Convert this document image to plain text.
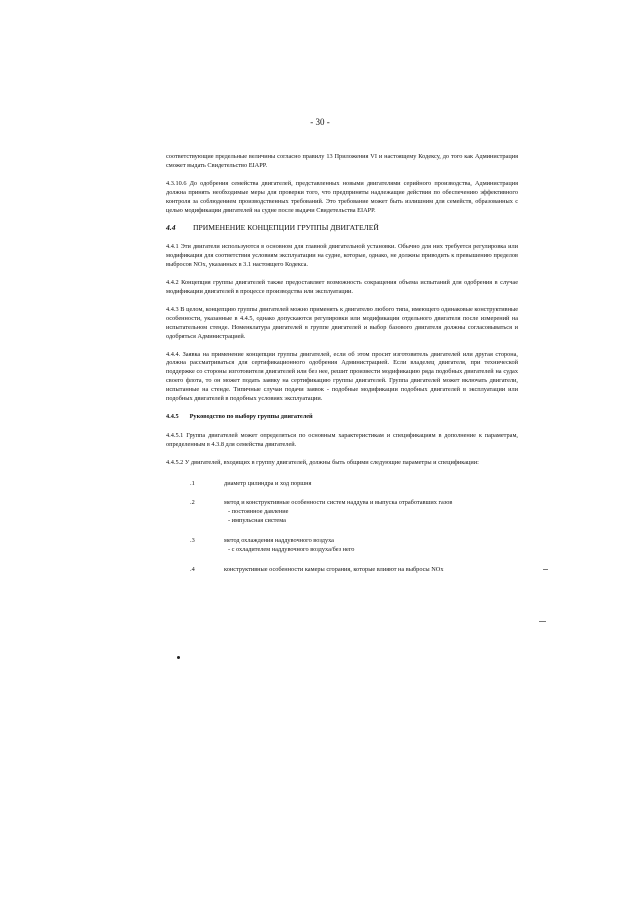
- 30 -

соответствующие предельные величины согласно правилу 13 Приложения VI и настоящему Кодексу, до того как Администрация сможет выдать Свидетельство EIAPP.

4.3.10.6 До одобрения семейства двигателей, представленных новыми двигателями серийного производства, Администрация должна принять необходимые меры для проверки того, что предприняты надлежащие действия по обеспечению эффективного контроля за соблюдением производственных требований. Это требование может быть излишним для семейств, образованных с целью модификации двигателей на судне после выдачи Свидетельства EIAPP.

4.4	ПРИМЕНЕНИЕ КОНЦЕПЦИИ ГРУППЫ ДВИГАТЕЛЕЙ

4.4.1 Эти двигатели используются в основном для главной двигательной установки. Обычно для них требуется регулировка или модификация для соответствия условиям эксплуатации на судне, которые, однако, не должны приводить к превышению пределов выбросов NOx, указанных в 3.1 настоящего Кодекса.

4.4.2 Концепция группы двигателей также предоставляет возможность сокращения объема испытаний для одобрения в случае модификации двигателей в процессе производства или эксплуатации.

4.4.3 В целом, концепцию группы двигателей можно применять к двигателю любого типа, имеющего одинаковые конструктивные особенности, указанные в 4.4.5, однако допускаются регулировки или модификации отдельного двигателя после измерений на испытательном стенде. Номенклатура двигателей в группе двигателей и выбор базового двигателя должны согласовываться и одобряться Администрацией.

4.4.4. Заявка на применение концепции группы двигателей, если об этом просит изготовитель двигателей или другая сторона, должна рассматриваться для сертификационного одобрения Администрацией. Если владелец двигателя, при технической поддержке со стороны изготовителя двигателей или без нее, решит произвести модификацию ряда подобных двигателей на судах своего флота, то он может подать заявку на сертификацию группы двигателей. Группа двигателей может включать двигатели, испытанные на стенде. Типичные случаи подачи заявок - подобные модификации подобных двигателей в эксплуатации или подобных двигателей в подобных условиях эксплуатации.

4.4.5 Руководство по выбору группы двигателей

4.4.5.1 Группа двигателей может определяться по основным характеристикам и спецификациям в дополнение к параметрам, определенным в 4.3.8 для семейства двигателей.

4.4.5.2 У двигателей, входящих в группу двигателей, должны быть общими следующие параметры и спецификации:

.1	диаметр цилиндра и ход поршня
.2	метод и конструктивные особенности систем наддува и выпуска отработавших газов
- постоянное давление
- импульсная система
.3	метод охлаждения наддувочного воздуха
- с охладителем наддувочного воздуха/без него
.4	конструктивные особенности камеры сгорания, которые влияют на выбросы NOx
